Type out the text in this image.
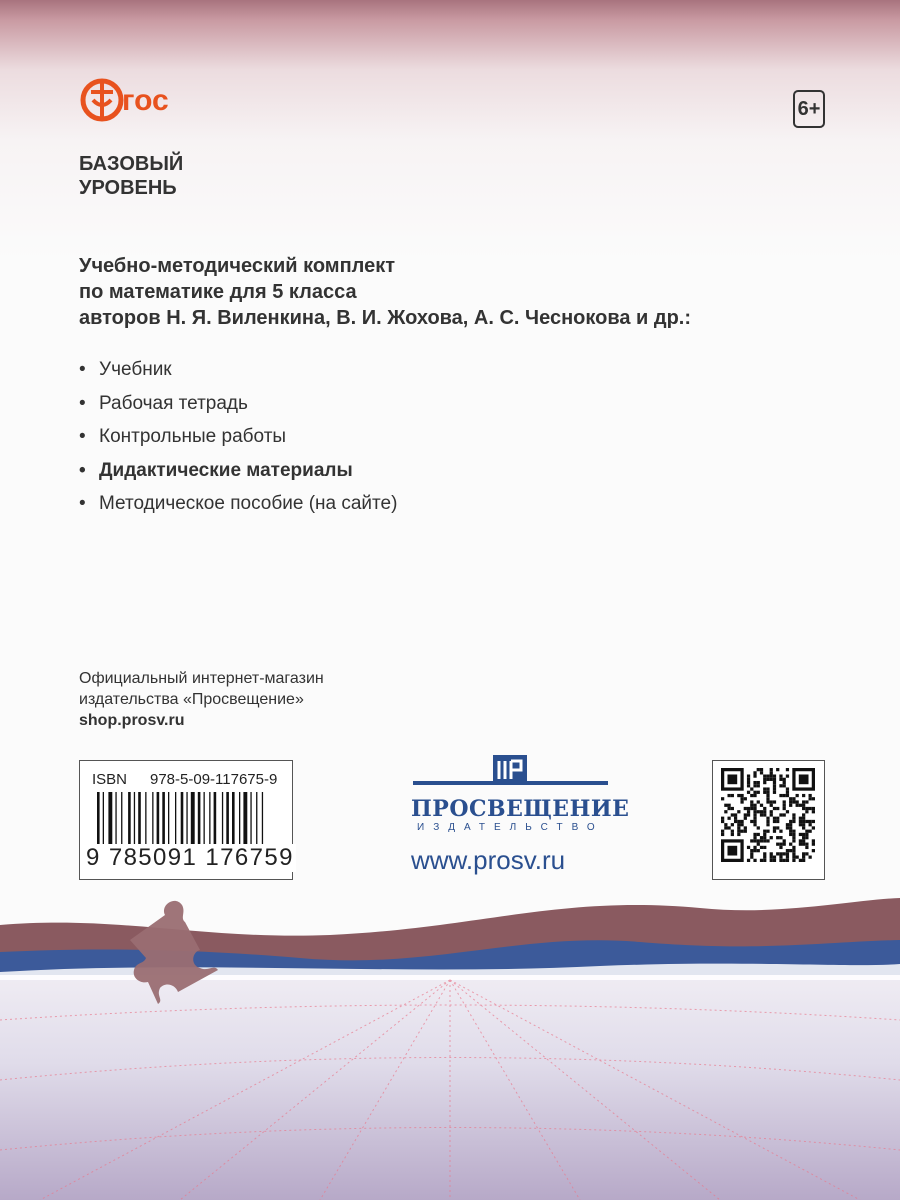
гос	6+
БАЗОВЫЙ
УРОВЕНЬ
Учебно-методический комплект
по математике для 5 класса
авторов Н. Я. Виленкина, В. И. Жохова, А. С. Чеснокова и др.:
• Учебник
• Рабочая тетрадь
• Контрольные работы
• Дидактические материалы
• Методическое пособие (на сайте)
Официальный интернет-магазин
издательства «Просвещение»
shop.prosv.ru
ISBN 978-5-09-117675-9
9 785091 176759
ПРОСВЕЩЕНИЕ
ИЗДАТЕЛЬСТВО
www.prosv.ru
